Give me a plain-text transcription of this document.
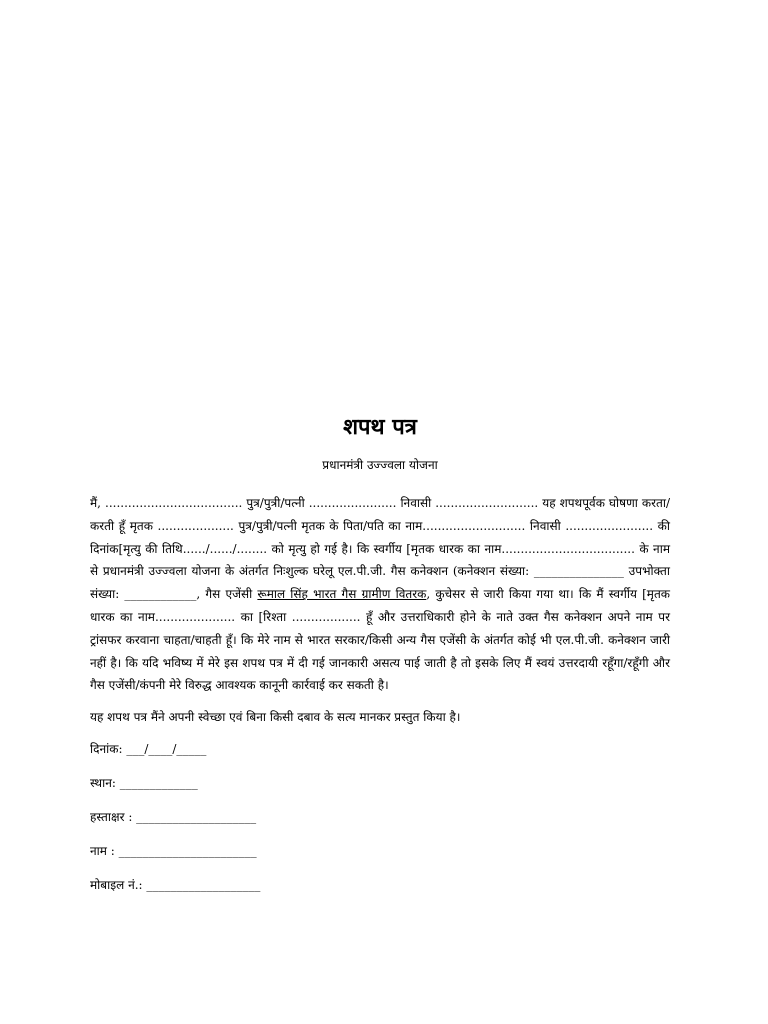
शपथ पत्र
प्रधानमंत्री उज्ज्वला योजना

मैं, .................................... पुत्र/पुत्री/पत्नी ....................... निवासी ........................... यह शपथपूर्वक घोषणा करता/करती हूँ मृतक .................... पुत्र/पुत्री/पत्नी मृतक के पिता/पति का नाम........................... निवासी ....................... की दिनांक[मृत्यु की तिथि....../....../........ को मृत्यु हो गई है। कि स्वर्गीय [मृतक धारक का नाम................................... के नाम से प्रधानमंत्री उज्ज्वला योजना के अंतर्गत निःशुल्क घरेलू एल.पी.जी. गैस कनेक्शन (कनेक्शन संख्या: _______________ उपभोक्ता संख्या: ____________, गैस एजेंसी रूमाल सिंह भारत गैस ग्रामीण वितरक, कुचेसर से जारी किया गया था। कि मैं स्वर्गीय [मृतक धारक का नाम..................... का [रिश्ता .................. हूँ और उत्तराधिकारी होने के नाते उक्त गैस कनेक्शन अपने नाम पर ट्रांसफर करवाना चाहता/चाहती हूँ। कि मेरे नाम से भारत सरकार/किसी अन्य गैस एजेंसी के अंतर्गत कोई भी एल.पी.जी. कनेक्शन जारी नहीं है। कि यदि भविष्य में मेरे इस शपथ पत्र में दी गई जानकारी असत्य पाई जाती है तो इसके लिए मैं स्वयं उत्तरदायी रहूँगा/रहूँगी और गैस एजेंसी/कंपनी मेरे विरुद्ध आवश्यक कानूनी कार्रवाई कर सकती है।

यह शपथ पत्र मैंने अपनी स्वेच्छा एवं बिना किसी दबाव के सत्य मानकर प्रस्तुत किया है।

दिनांक: ___/____/_____
स्थान: _____________
हस्ताक्षर : ____________________
नाम : _______________________
मोबाइल नं.: ___________________
